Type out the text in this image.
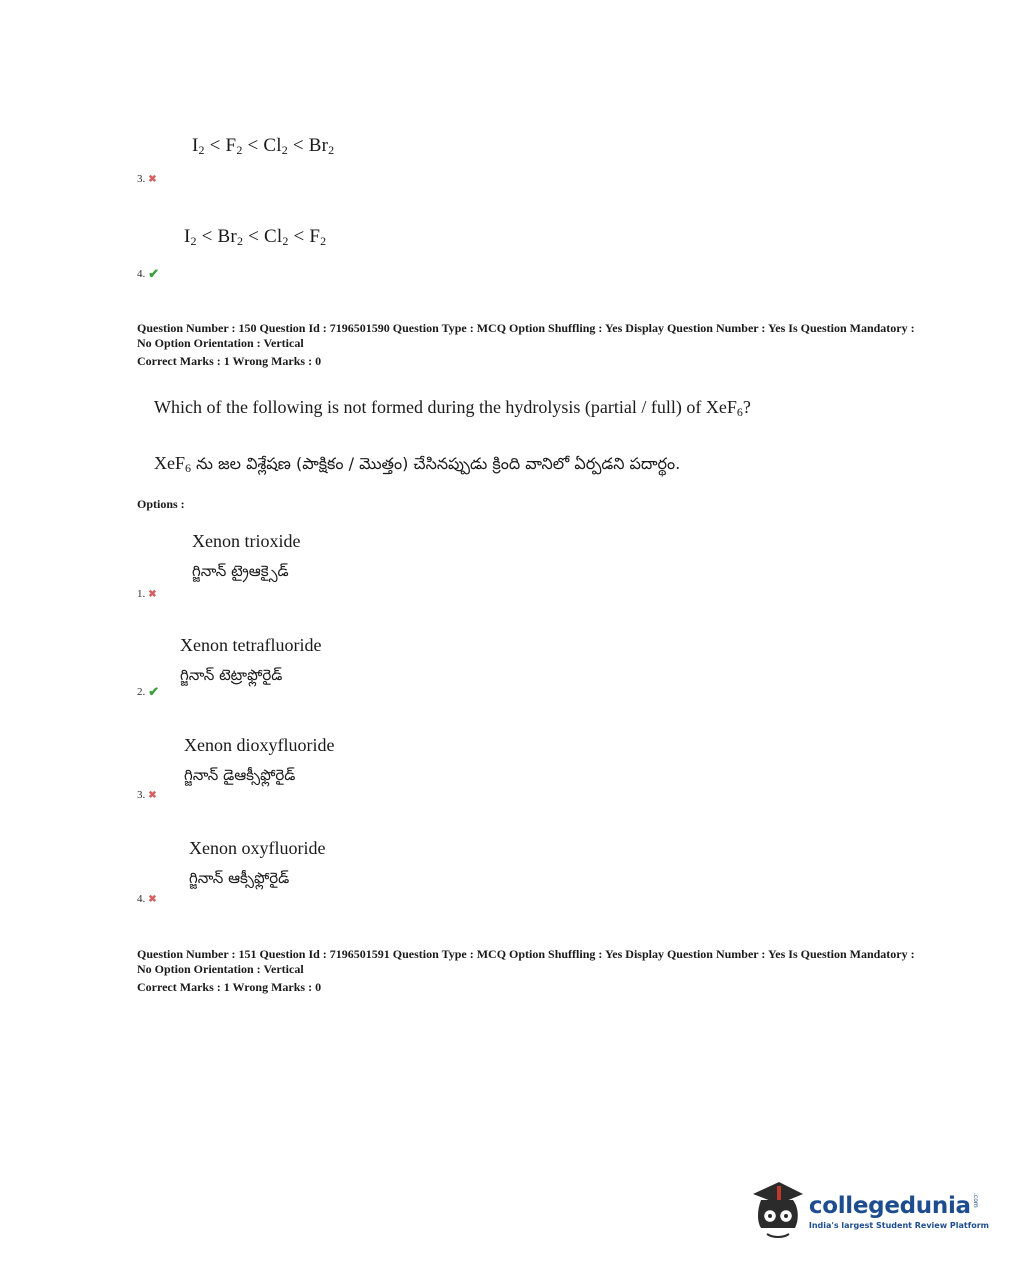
$I_2 < F_2 < Cl_2 < Br_2$
3. ✖
$I_2 < Br_2 < Cl_2 < F_2$
4. ✔
Question Number : 150 Question Id : 7196501590 Question Type : MCQ Option Shuffling : Yes Display Question Number : Yes Is Question Mandatory : No Option Orientation : Vertical
Correct Marks : 1 Wrong Marks : 0
Which of the following is not formed during the hydrolysis (partial / full) of XeF$_6$?
XeF$_6$ ను జల విశ్లేషణ (పాక్షికం / మొత్తం) చేసినప్పుడు క్రింది వానిలో ఏర్పడని పదార్థం.
Options :
Xenon trioxide
గ్జినాన్ ట్రైఆక్సైడ్
1. ✖
Xenon tetrafluoride
గ్జినాన్ టెట్రాఫ్లోరైడ్
2. ✔
Xenon dioxyfluoride
గ్జినాన్ డైఆక్సీఫ్లోరైడ్
3. ✖
Xenon oxyfluoride
గ్జినాన్ ఆక్సీఫ్లోరైడ్
4. ✖
Question Number : 151 Question Id : 7196501591 Question Type : MCQ Option Shuffling : Yes Display Question Number : Yes Is Question Mandatory : No Option Orientation : Vertical
Correct Marks : 1 Wrong Marks : 0
collegedunia .com
India's largest Student Review Platform
